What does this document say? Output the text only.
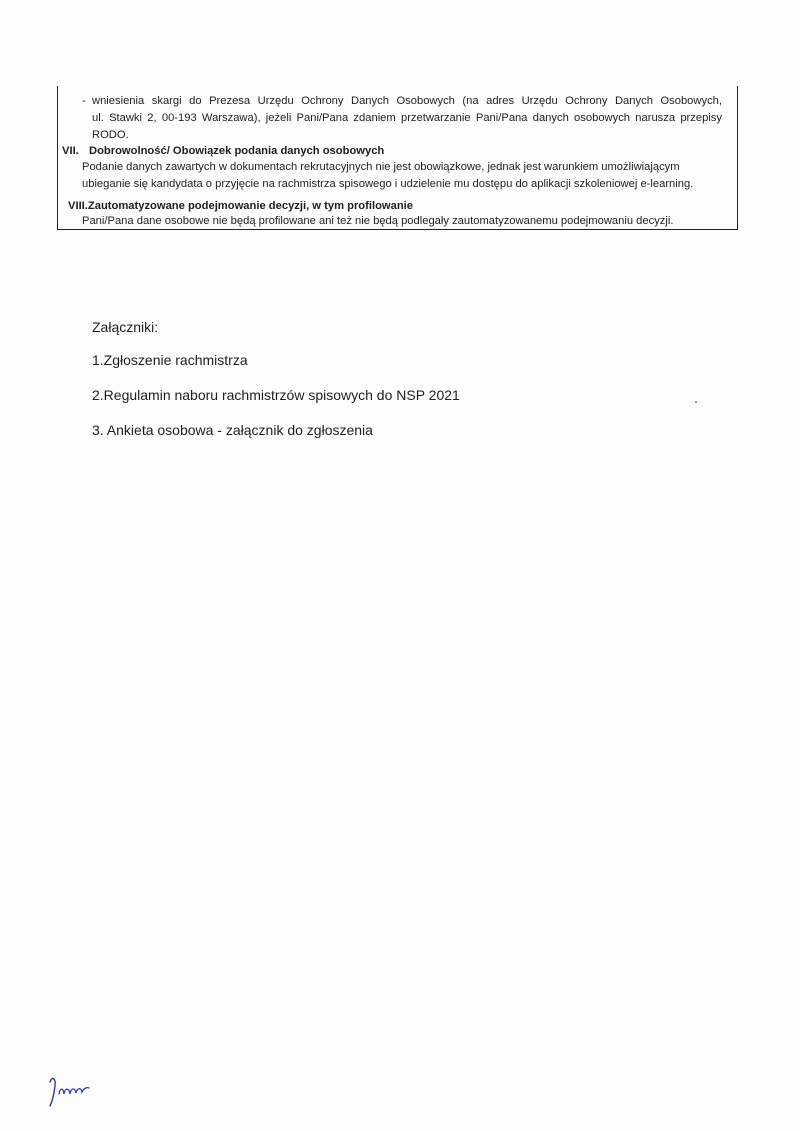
- wniesienia skargi do Prezesa Urzędu Ochrony Danych Osobowych (na adres Urzędu Ochrony Danych Osobowych,
ul. Stawki 2, 00-193 Warszawa), jeżeli Pani/Pana zdaniem przetwarzanie Pani/Pana danych osobowych narusza przepisy
RODO.
VII. Dobrowolność/ Obowiązek podania danych osobowych
Podanie danych zawartych w dokumentach rekrutacyjnych nie jest obowiązkowe, jednak jest warunkiem umożliwiającym
ubieganie się kandydata o przyjęcie na rachmistrza spisowego i udzielenie mu dostępu do aplikacji szkoleniowej e-learning.
VIII.Zautomatyzowane podejmowanie decyzji, w tym profilowanie
Pani/Pana dane osobowe nie będą profilowane ani też nie będą podlegały zautomatyzowanemu podejmowaniu decyzji.
Załączniki:
1.Zgłoszenie rachmistrza
2.Regulamin naboru rachmistrzów spisowych do NSP 2021
3. Ankieta osobowa - załącznik do zgłoszenia
